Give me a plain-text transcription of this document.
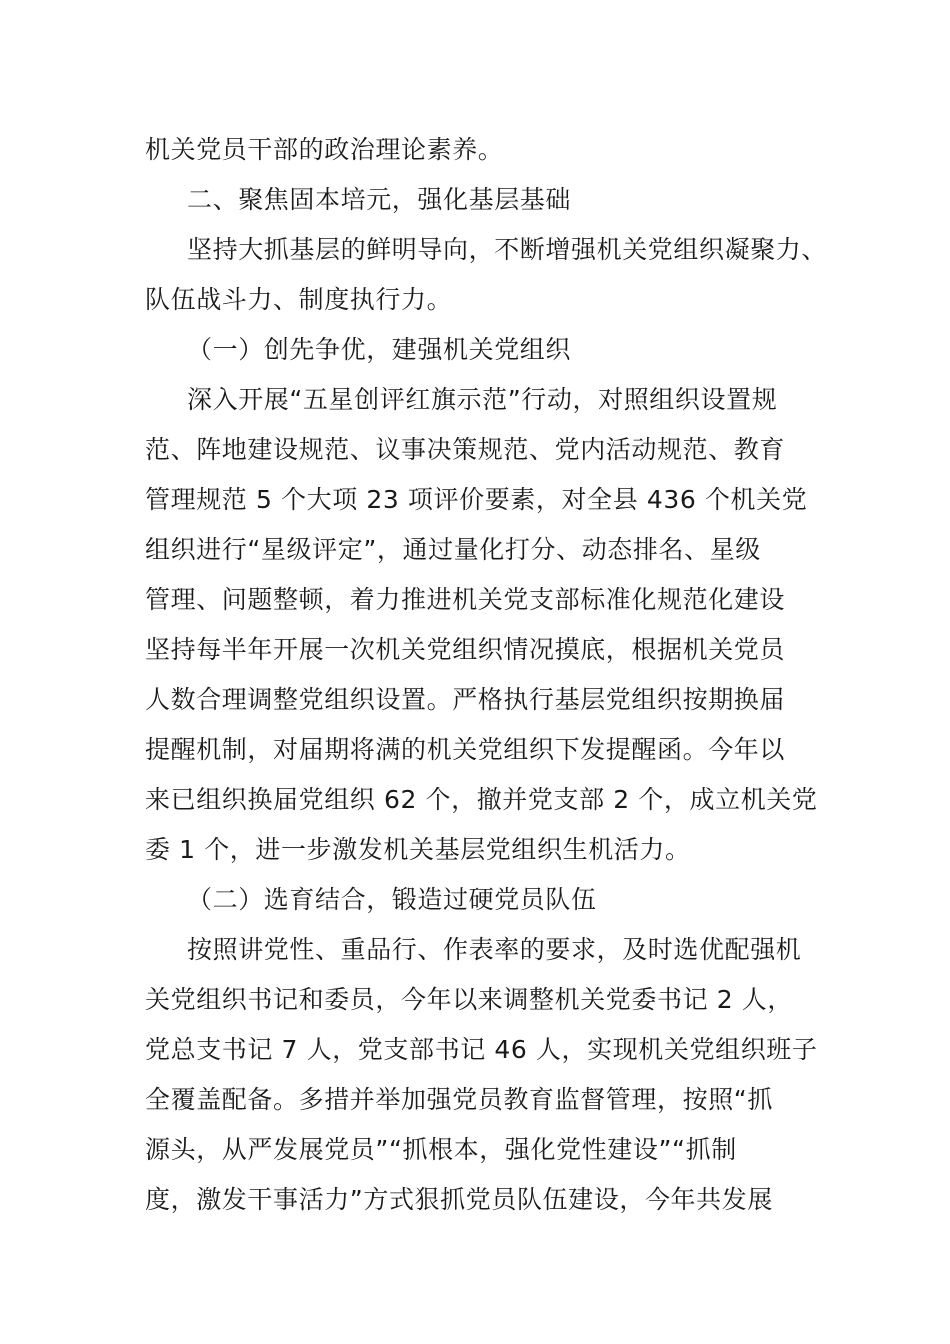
机关党员干部的政治理论素养。
二、聚焦固本培元，强化基层基础
坚持大抓基层的鲜明导向，不断增强机关党组织凝聚力、
队伍战斗力、制度执行力。
（一）创先争优，建强机关党组织
深入开展“五星创评红旗示范”行动，对照组织设置规
范、阵地建设规范、议事决策规范、党内活动规范、教育
管理规范 5 个大项 23 项评价要素，对全县 436 个机关党
组织进行“星级评定”，通过量化打分、动态排名、星级
管理、问题整顿，着力推进机关党支部标准化规范化建设
坚持每半年开展一次机关党组织情况摸底，根据机关党员
人数合理调整党组织设置。严格执行基层党组织按期换届
提醒机制，对届期将满的机关党组织下发提醒函。今年以
来已组织换届党组织 62 个，撤并党支部 2 个，成立机关党
委 1 个，进一步激发机关基层党组织生机活力。
（二）选育结合，锻造过硬党员队伍
按照讲党性、重品行、作表率的要求，及时选优配强机
关党组织书记和委员，今年以来调整机关党委书记 2 人，
党总支书记 7 人，党支部书记 46 人，实现机关党组织班子
全覆盖配备。多措并举加强党员教育监督管理，按照“抓
源头，从严发展党员”“抓根本，强化党性建设”“抓制
度，激发干事活力”方式狠抓党员队伍建设，今年共发展
